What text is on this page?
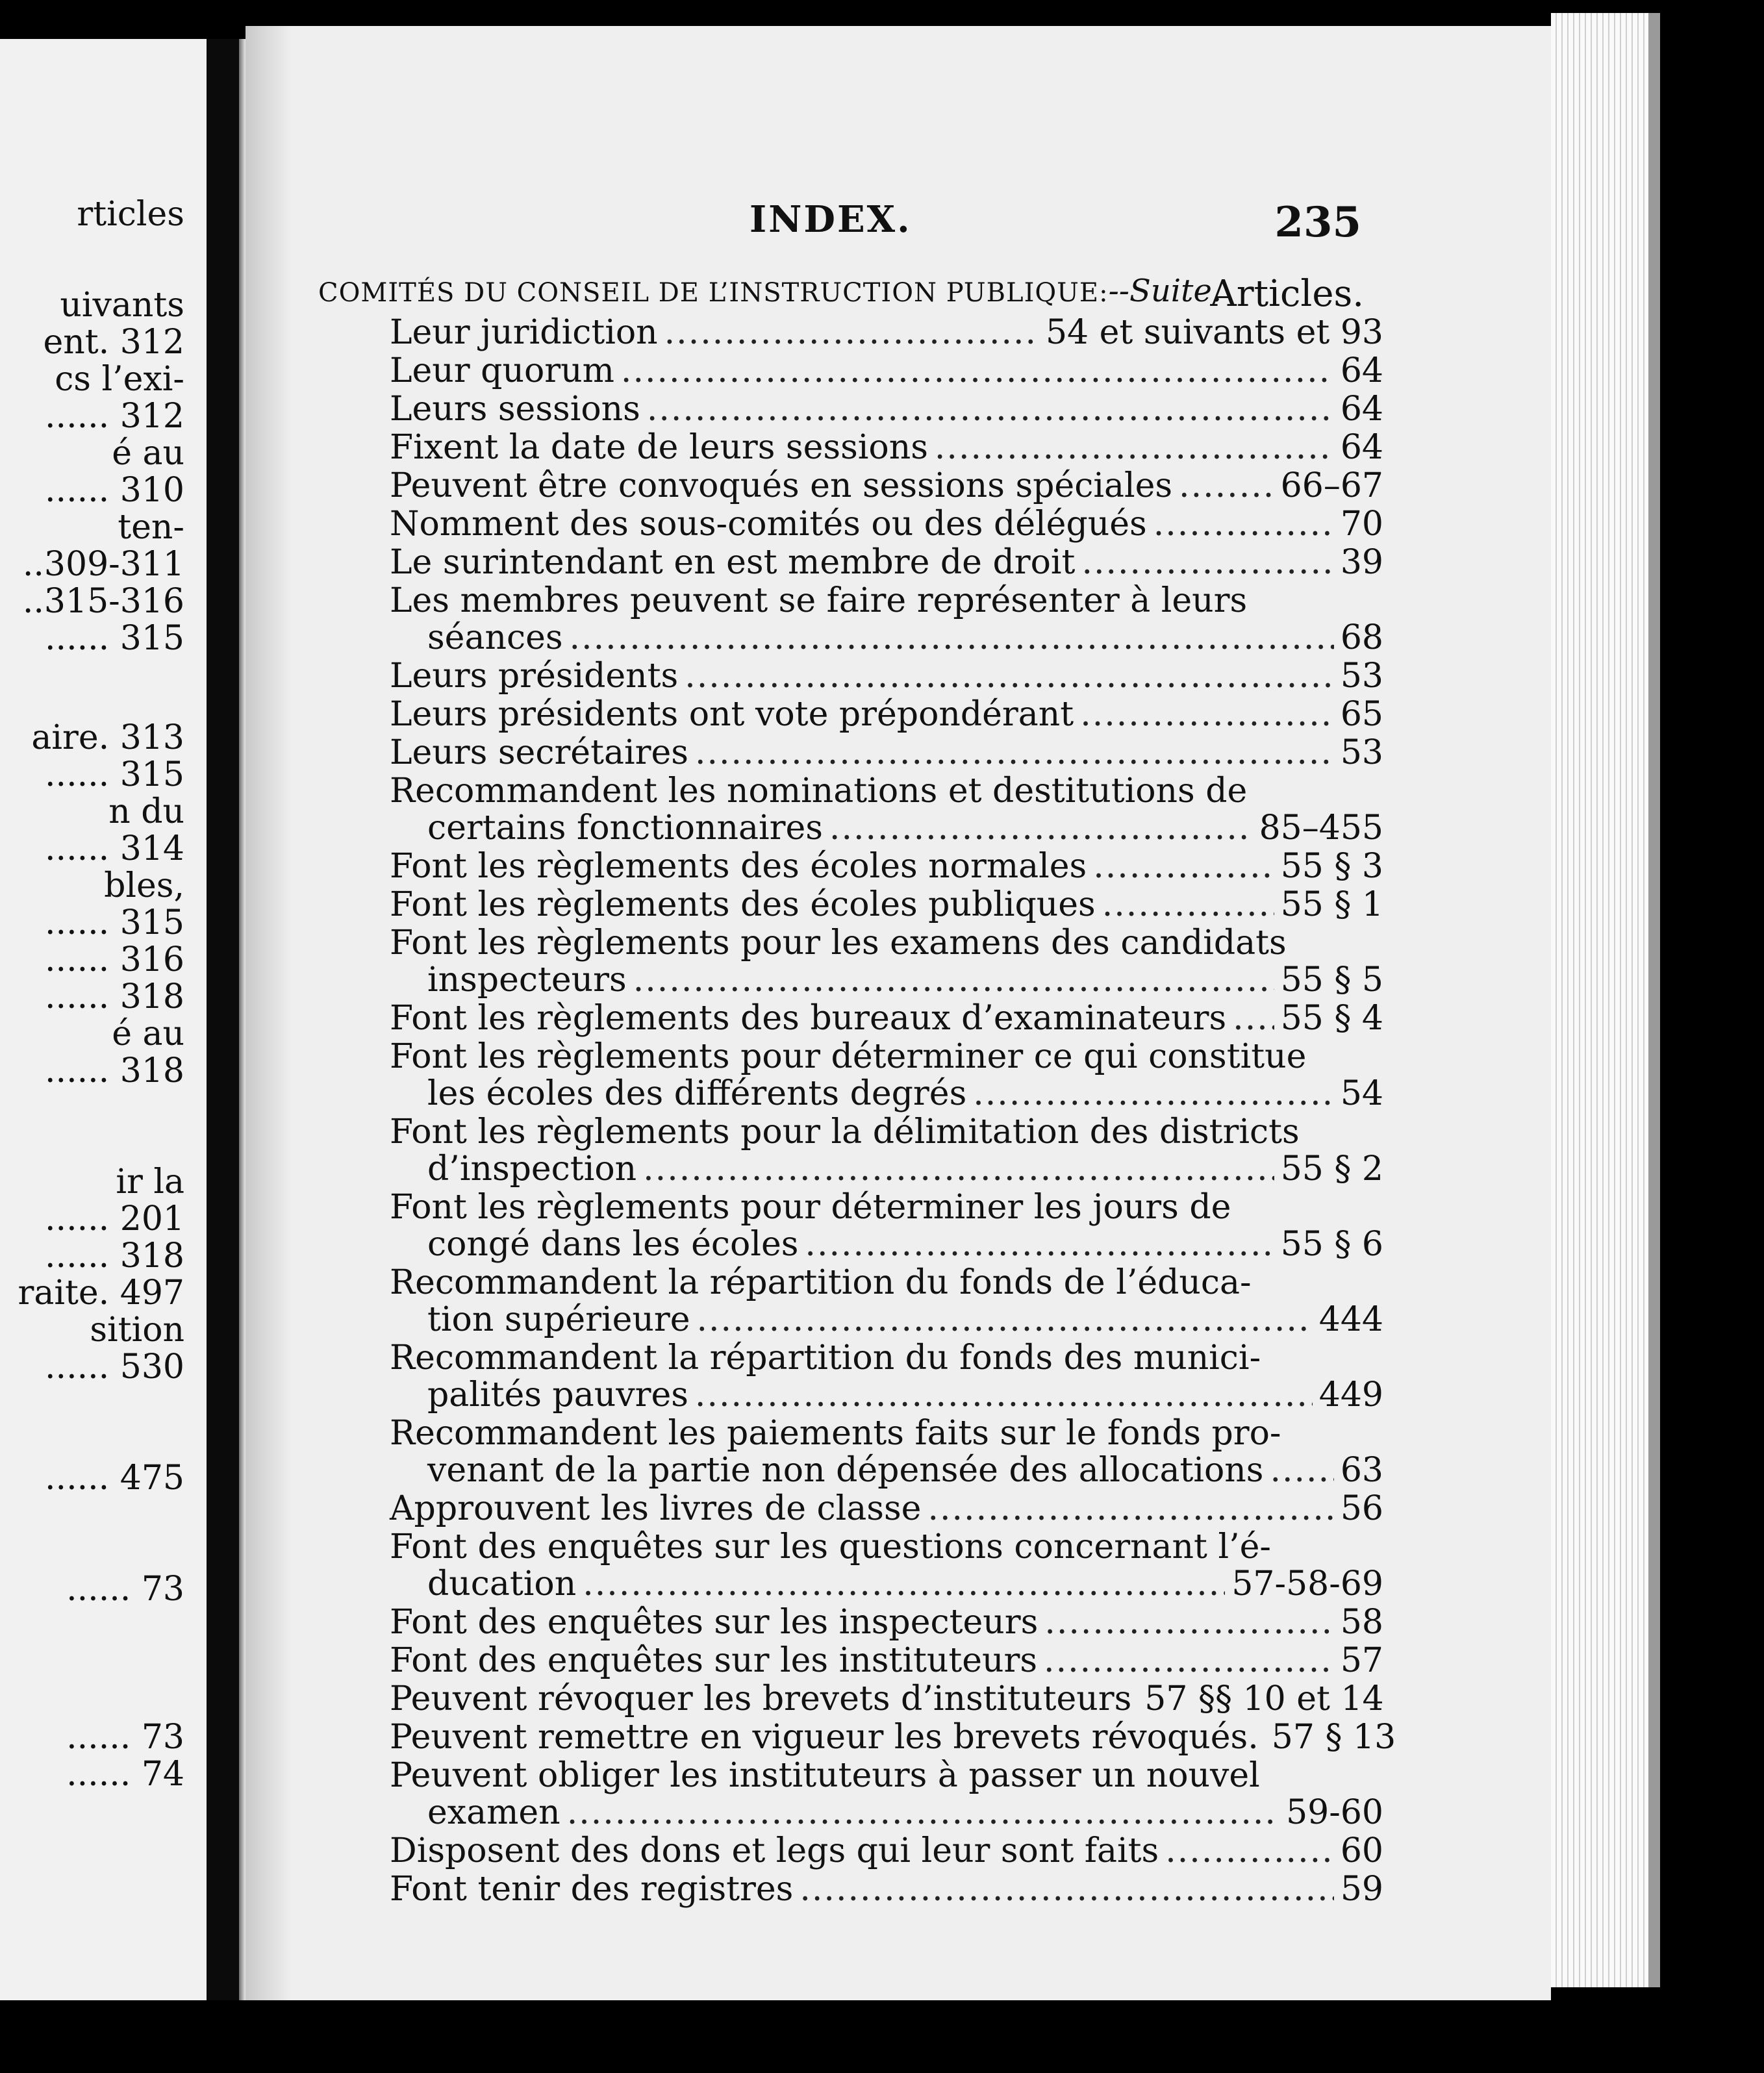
rticles
uivants
ent. 312
cs l’exi-
...... 312
é au
...... 310
ten-
..309-311
..315-316
...... 315
aire. 313
...... 315
n du
...... 314
bles,
...... 315
...... 316
...... 318
é au
...... 318
ir la
...... 201
...... 318
raite. 497
sition
...... 530
...... 475
...... 73
...... 73
...... 74
INDEX.	235
COMITÉS DU CONSEIL DE L’INSTRUCTION PUBLIQUE:--Suite.
Articles.
Leur juridiction .....	54 et suivants et 93
Leur quorum .....	64
Leurs sessions .....	64
Fixent la date de leurs sessions .....	64
Peuvent être convoqués en sessions spéciales .....	66–67
Nomment des sous-comités ou des délégués .....	70
Le surintendant en est membre de droit .....	39
Les membres peuvent se faire représenter à leurs
séances .....	68
Leurs présidents .....	53
Leurs présidents ont vote prépondérant .....	65
Leurs secrétaires .....	53
Recommandent les nominations et destitutions de
certains fonctionnaires .....	85–455
Font les règlements des écoles normales .....	55 § 3
Font les règlements des écoles publiques .....	55 § 1
Font les règlements pour les examens des candidats
inspecteurs .....	55 § 5
Font les règlements des bureaux d’examinateurs ..... 55 § 4
Font les règlements pour déterminer ce qui constitue
les écoles des différents degrés .....	54
Font les règlements pour la délimitation des districts
d’inspection .....	55 § 2
Font les règlements pour déterminer les jours de
congé dans les écoles .....	55 § 6
Recommandent la répartition du fonds de l’éduca-
tion supérieure .....	444
Recommandent la répartition du fonds des munici-
palités pauvres .....	449
Recommandent les paiements faits sur le fonds pro-
venant de la partie non dépensée des allocations ..... 63
Approuvent les livres de classe .....	56
Font des enquêtes sur les questions concernant l’é-
ducation .....	57-58-69
Font des enquêtes sur les inspecteurs .....	58
Font des enquêtes sur les instituteurs .....	57
Peuvent révoquer les brevets d’instituteurs 57 §§ 10 et 14
Peuvent remettre en vigueur les brevets révoqués. 57 § 13
Peuvent obliger les instituteurs à passer un nouvel
examen .....	59-60
Disposent des dons et legs qui leur sont faits .....	60
Font tenir des registres .....	59
